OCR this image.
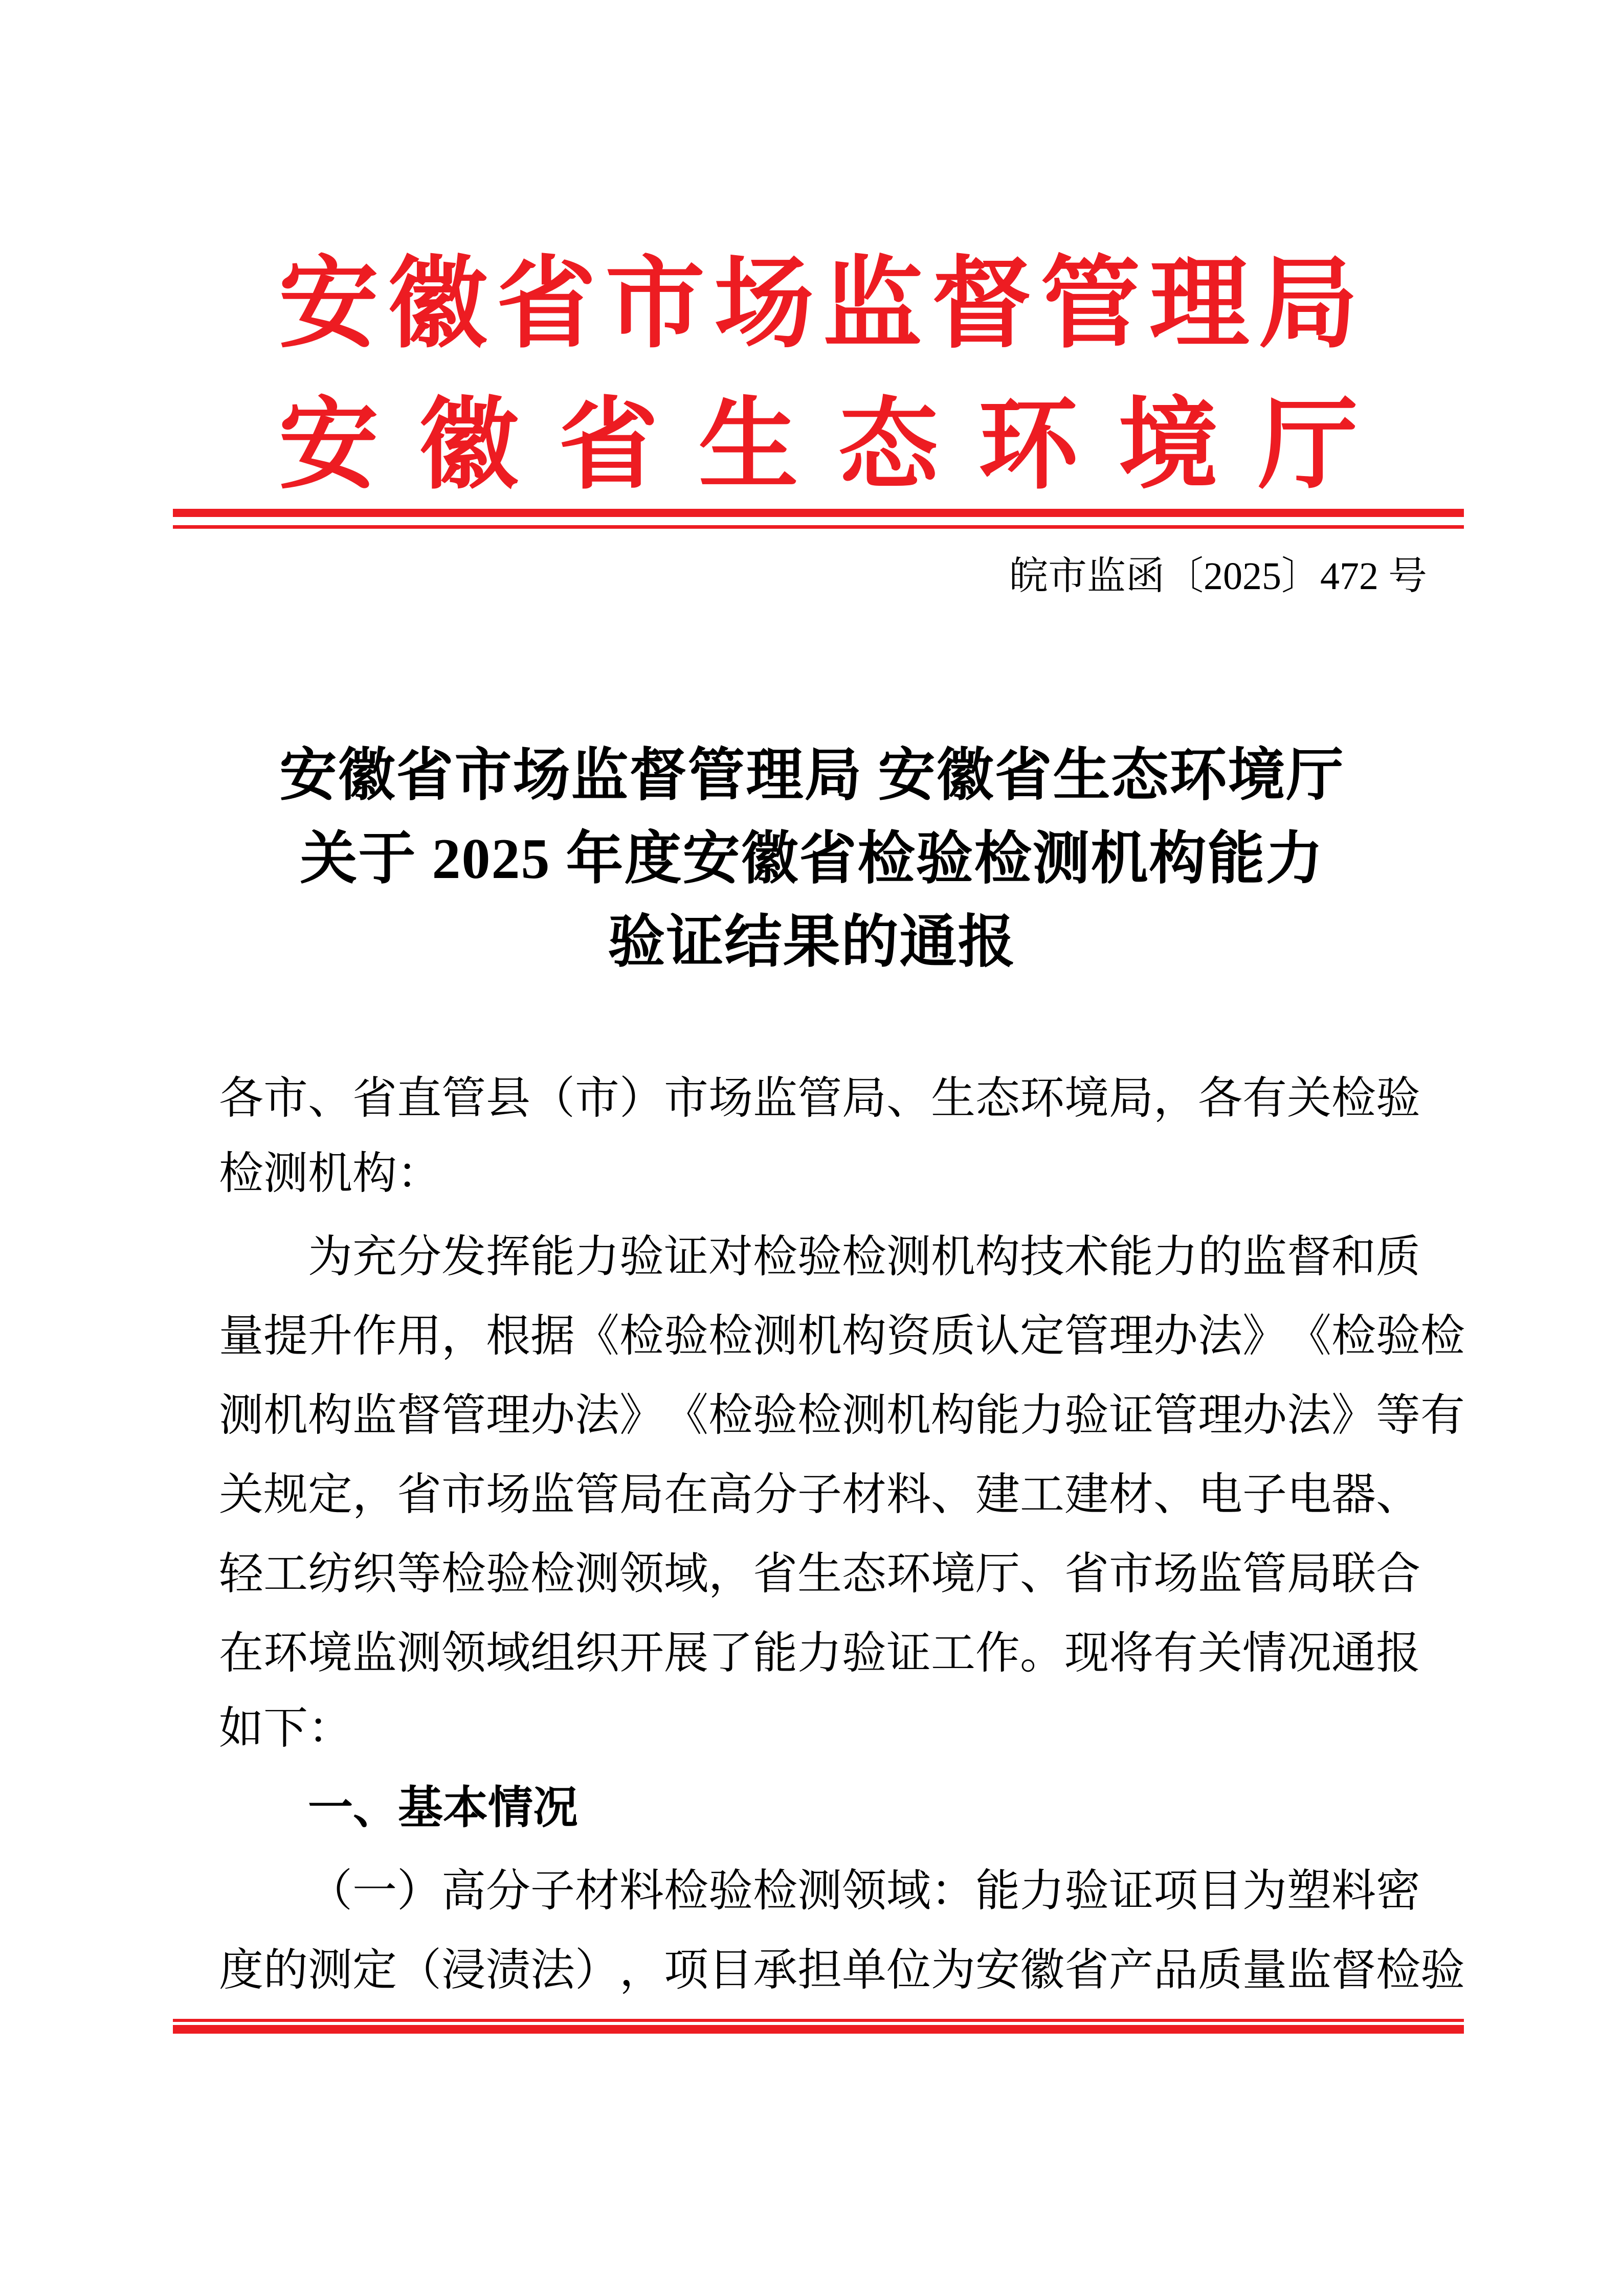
安 徽 省 市 场 监 督 管 理 局
安 徽 省 生 态 环 境 厅
皖市监函〔2025〕472 号
安徽省市场监督管理局 安徽省生态环境厅
关于 2025 年度安徽省检验检测机构能力
验证结果的通报
各 市 、 省 直 管 县 （ 市 ） 市 场 监 管 局 、 生 态 环 境 局 ， 各 有 关 检 验
检测机构：
为 充 分 发 挥 能 力 验 证 对 检 验 检 测 机 构 技 术 能 力 的 监 督 和 质
量 提 升 作 用 ， 根 据 《 检 验 检 测 机 构 资 质 认 定 管 理 办 法 》 《 检 验 检
测 机 构 监 督 管 理 办 法 》 《 检 验 检 测 机 构 能 力 验 证 管 理 办 法 》 等 有
关 规 定 ， 省 市 场 监 管 局 在 高 分 子 材 料 、 建 工 建 材 、 电 子 电 器 、
轻 工 纺 织 等 检 验 检 测 领 域 ， 省 生 态 环 境 厅 、 省 市 场 监 管 局 联 合
在 环 境 监 测 领 域 组 织 开 展 了 能 力 验 证 工 作 。 现 将 有 关 情 况 通 报
如下：
一、基本情况
（ 一 ） 高 分 子 材 料 检 验 检 测 领 域 ： 能 力 验 证 项 目 为 塑 料 密
度 的 测 定 （ 浸 渍 法 ） ， 项 目 承 担 单 位 为 安 徽 省 产 品 质 量 监 督 检 验
